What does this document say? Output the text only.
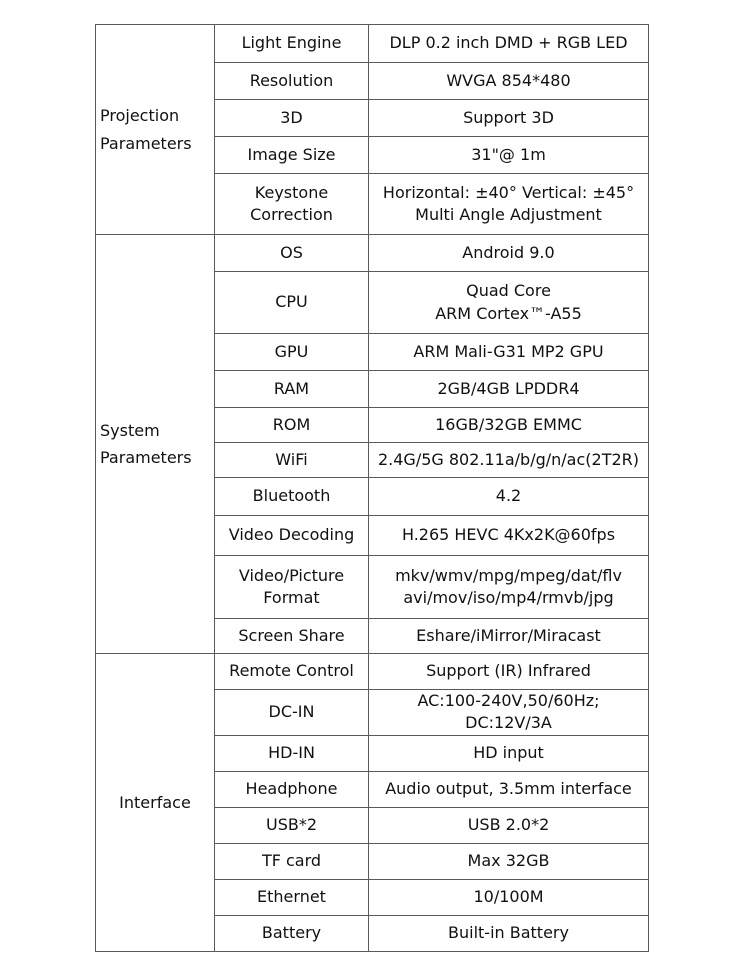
Projection
Parameters	Light Engine	DLP 0.2 inch DMD + RGB LED

	Resolution	WVGA 854*480

	3D	Support 3D

	Image Size	31"@ 1m

	Keystone
Correction	Horizontal: ±40° Vertical: ±45°
Multi Angle Adjustment

System
Parameters	OS	Android 9.0

	CPU	Quad Core
ARM Cortex™-A55

	GPU	ARM Mali-G31 MP2 GPU

	RAM	2GB/4GB LPDDR4

	ROM	16GB/32GB EMMC

	WiFi	2.4G/5G 802.11a/b/g/n/ac(2T2R)

	Bluetooth	4.2

	Video Decoding	H.265 HEVC 4Kx2K@60fps

	Video/Picture
Format	mkv/wmv/mpg/mpeg/dat/flv
avi/mov/iso/mp4/rmvb/jpg

	Screen Share	Eshare/iMirror/Miracast

Interface	Remote Control	Support (IR) Infrared

	DC-IN	AC:100-240V,50/60Hz; DC:12V/3A

	HD-IN	HD input

	Headphone	Audio output, 3.5mm interface

	USB*2	USB 2.0*2

	TF card	Max 32GB

	Ethernet	10/100M

	Battery	Built-in Battery
